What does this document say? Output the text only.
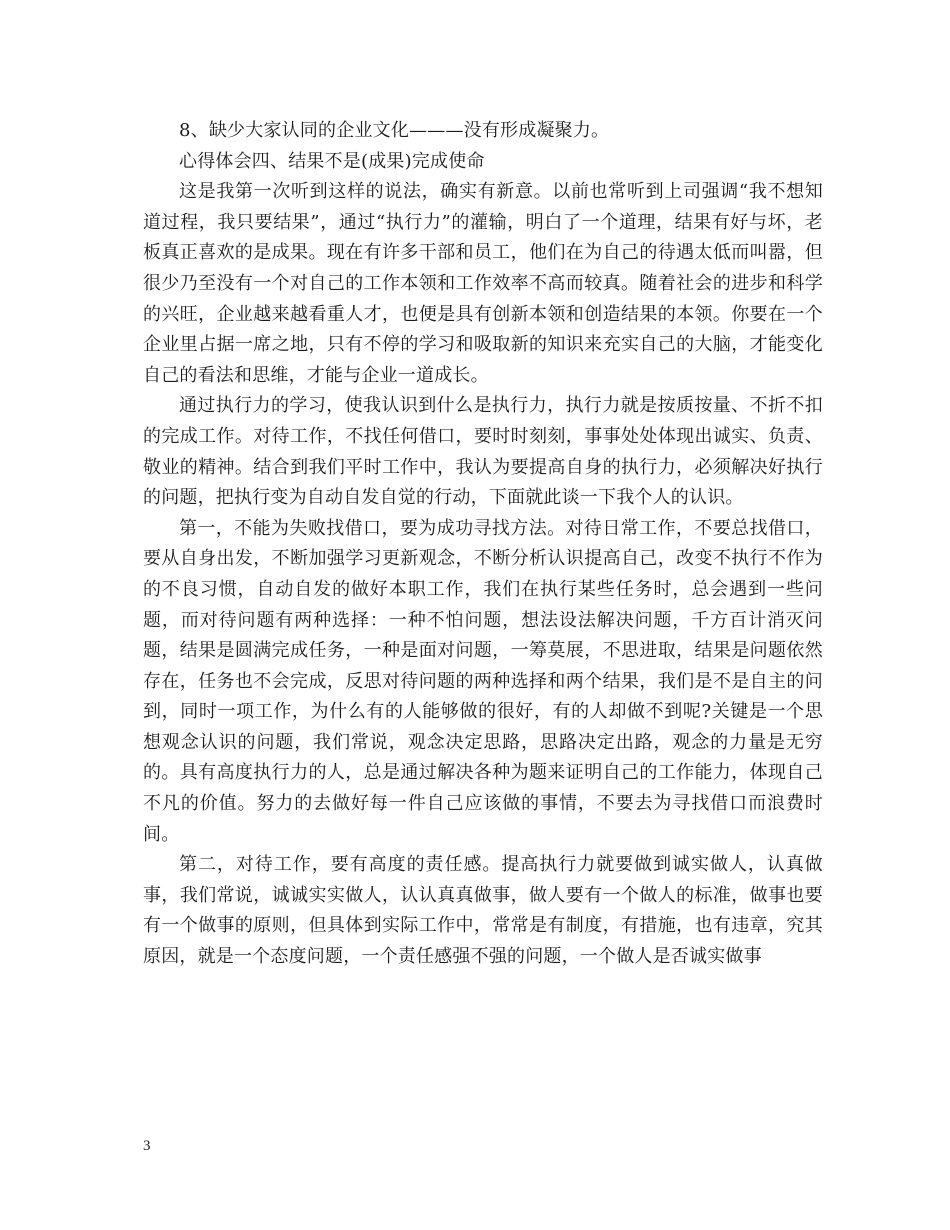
8、缺少大家认同的企业文化———没有形成凝聚力。

心得体会四、结果不是(成果)完成使命

这是我第一次听到这样的说法，确实有新意。以前也常听到上司强调“我不想知道过程，我只要结果”，通过“执行力”的灌输，明白了一个道理，结果有好与坏，老板真正喜欢的是成果。现在有许多干部和员工，他们在为自己的待遇太低而叫嚣，但很少乃至没有一个对自己的工作本领和工作效率不高而较真。随着社会的进步和科学的兴旺，企业越来越看重人才，也便是具有创新本领和创造结果的本领。你要在一个企业里占据一席之地，只有不停的学习和吸取新的知识来充实自己的大脑，才能变化自己的看法和思维，才能与企业一道成长。

通过执行力的学习，使我认识到什么是执行力，执行力就是按质按量、不折不扣的完成工作。对待工作，不找任何借口，要时时刻刻，事事处处体现出诚实、负责、敬业的精神。结合到我们平时工作中，我认为要提高自身的执行力，必须解决好执行的问题，把执行变为自动自发自觉的行动，下面就此谈一下我个人的认识。

第一，不能为失败找借口，要为成功寻找方法。对待日常工作，不要总找借口，要从自身出发，不断加强学习更新观念，不断分析认识提高自己，改变不执行不作为的不良习惯，自动自发的做好本职工作，我们在执行某些任务时，总会遇到一些问题，而对待问题有两种选择：一种不怕问题，想法设法解决问题，千方百计消灭问题，结果是圆满完成任务，一种是面对问题，一筹莫展，不思进取，结果是问题依然存在，任务也不会完成，反思对待问题的两种选择和两个结果，我们是不是自主的问到，同时一项工作，为什么有的人能够做的很好，有的人却做不到呢?关键是一个思想观念认识的问题，我们常说，观念决定思路，思路决定出路，观念的力量是无穷的。具有高度执行力的人，总是通过解决各种为题来证明自己的工作能力，体现自己不凡的价值。努力的去做好每一件自己应该做的事情，不要去为寻找借口而浪费时间。

第二，对待工作，要有高度的责任感。提高执行力就要做到诚实做人，认真做事，我们常说，诚诚实实做人，认认真真做事，做人要有一个做人的标准，做事也要有一个做事的原则，但具体到实际工作中，常常是有制度，有措施，也有违章，究其原因，就是一个态度问题，一个责任感强不强的问题，一个做人是否诚实做事

3
